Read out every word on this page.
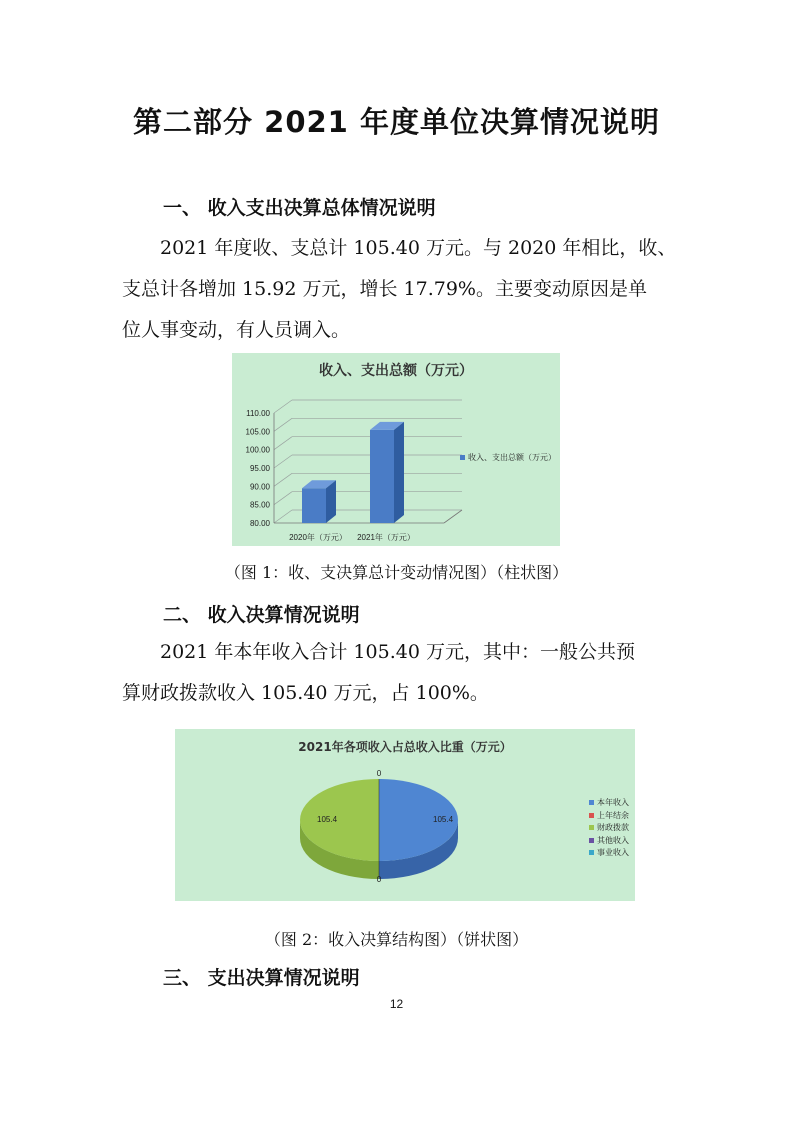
第二部分 2021 年度单位决算情况说明
一、 收入支出决算总体情况说明

2021 年度收、支总计 105.40 万元。与 2020 年相比，收、
支总计各增加 15.92 万元，增长 17.79%。主要变动原因是单
位人事变动，有人员调入。

收入、支出总额（万元）
80.00
85.00
90.00
95.00
100.00
105.00
110.00
2020年（万元） 2021年（万元）
收入、支出总额（万元）
（图 1：收、支决算总计变动情况图）（柱状图）
二、 收入决算情况说明

2021 年本年收入合计 105.40 万元，其中：一般公共预
算财政拨款收入 105.40 万元，占 100%。

2021年各项收入占总收入比重（万元）
105.4	105.4
0
0
本年收入
上年结余
财政拨款
其他收入
事业收入
（图 2：收入决算结构图）（饼状图）
三、 支出决算情况说明
12
